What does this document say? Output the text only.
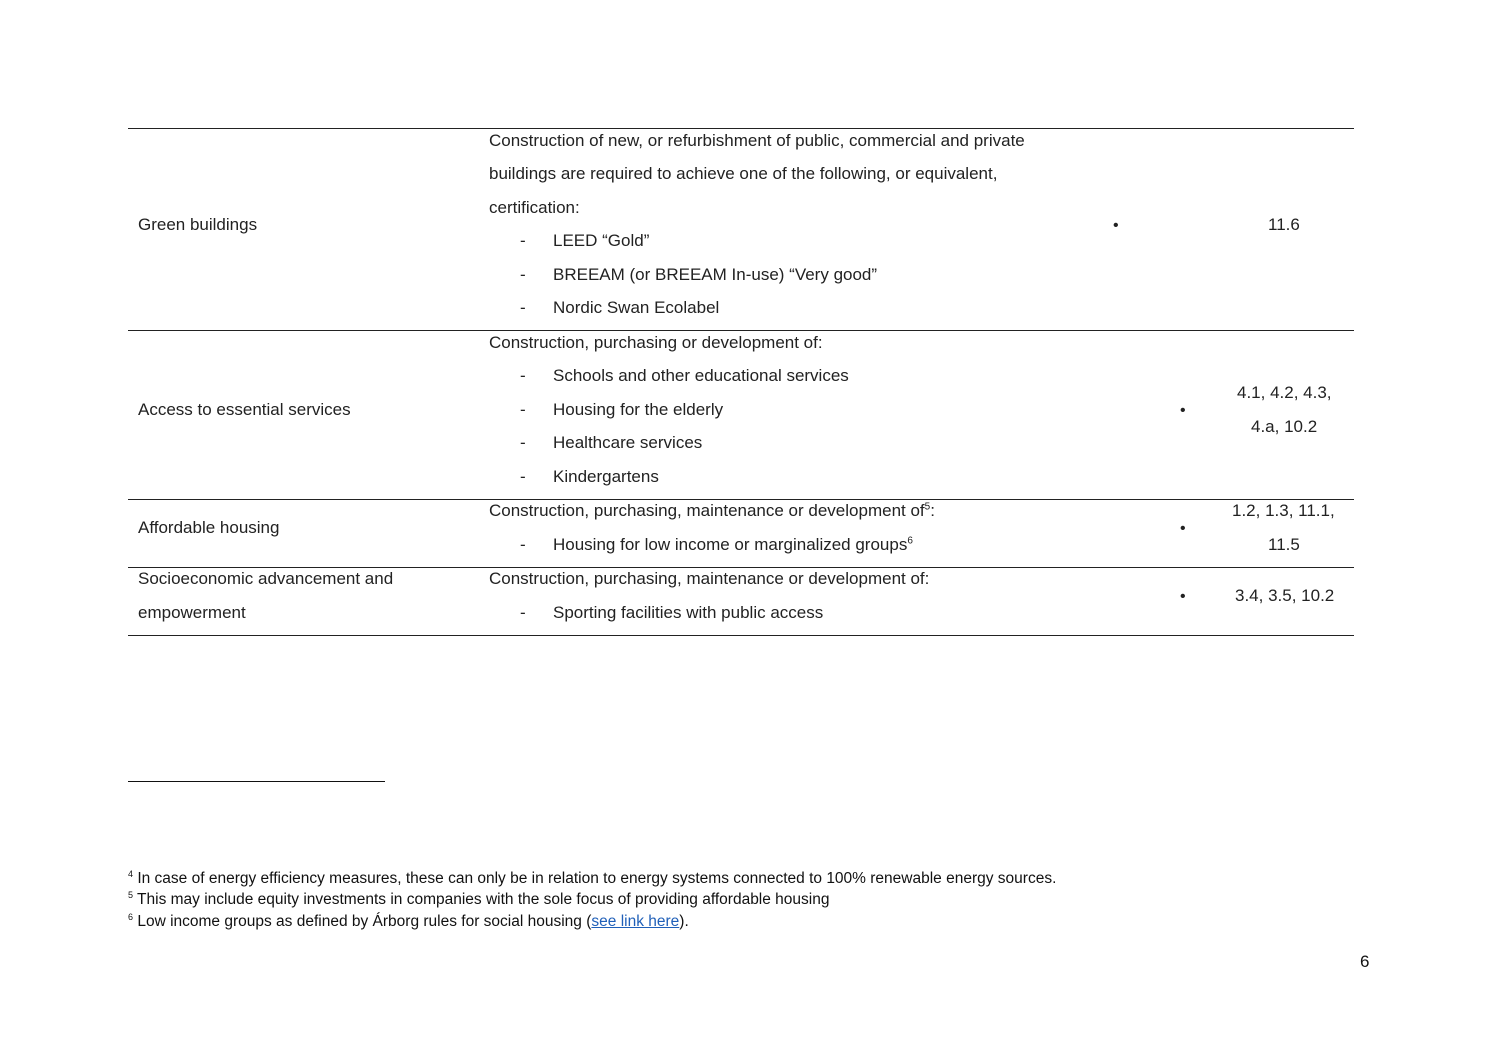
Green buildings
Construction of new, or refurbishment of public, commercial and private
buildings are required to achieve one of the following, or equivalent,
certification:
- LEED “Gold”
- BREEAM (or BREEAM In-use) “Very good”
- Nordic Swan Ecolabel
•	11.6
Access to essential services
Construction, purchasing or development of:
- Schools and other educational services
- Housing for the elderly
- Healthcare services
- Kindergartens
•
4.1, 4.2, 4.3,
4.a, 10.2
Affordable housing
Construction, purchasing, maintenance or development $of^5$:
- Housing for low income or marginalized groups$^6$
•
1.2, 1.3, 11.1,
11.5
Socioeconomic advancement and
empowerment
Construction, purchasing, maintenance or development of:
- Sporting facilities with public access
•	3.4, 3.5, 10.2
$^4$ In case of energy efficiency measures, these can only be in relation to energy systems connected to 100% renewable energy sources.
$^5$ This may include equity investments in companies with the sole focus of providing affordable housing
$^6$ Low income groups as defined by Árborg rules for social housing (see link here).
6
